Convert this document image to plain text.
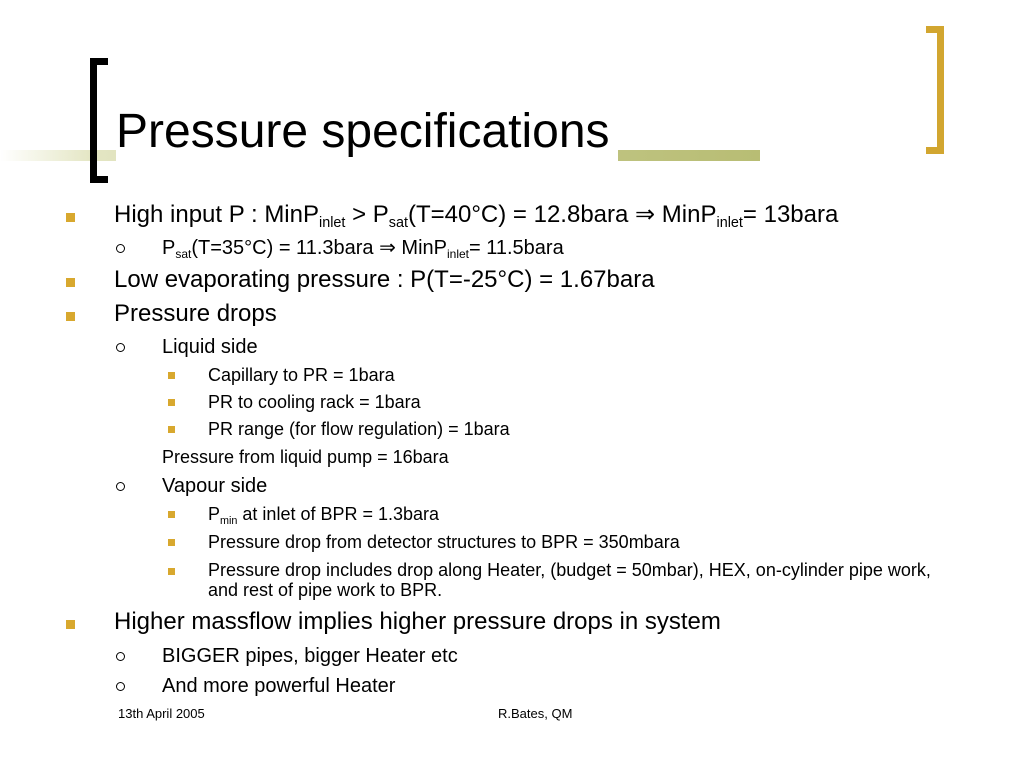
Pressure specifications
High input P : MinP$_{inlet}$ > $P_{sat}(T=40^\circ C)$ = 12.8bara ⇒ MinP$_{inlet}$= 13bara
$P_{sat}(T=35^\circ C)$ = 11.3bara ⇒ MinP$_{inlet}$= 11.5bara
Low evaporating pressure : P(T=-25°C) = 1.67bara
Pressure drops
Liquid side
Capillary to PR = 1bara
PR to cooling rack = 1bara
PR range (for flow regulation) = 1bara
Pressure from liquid pump = 16bara
Vapour side
$P_{min}$ at inlet of BPR = 1.3bara
Pressure drop from detector structures to BPR = 350mbara
Pressure drop includes drop along Heater, (budget = 50mbar), HEX, on-cylinder pipe work, and rest of pipe work to BPR.
Higher massflow implies higher pressure drops in system
BIGGER pipes, bigger Heater etc
And more powerful Heater
13th April 2005	R.Bates, QM
